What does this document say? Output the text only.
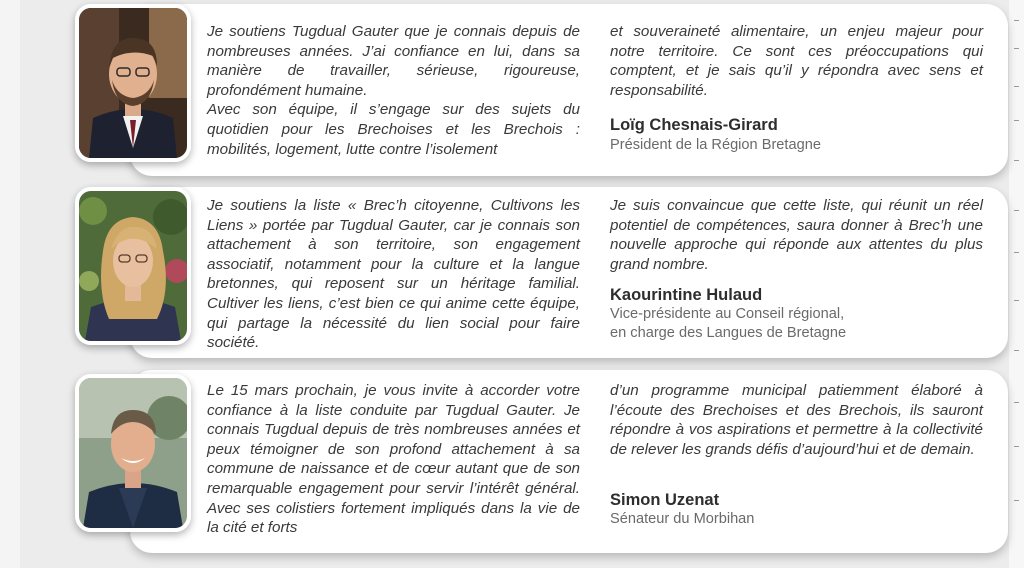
Je soutiens Tugdual Gauter que je connais depuis de nombreuses années. J’ai confiance en lui, dans sa manière de travailler, sérieuse, rigoureuse, profondément humaine.

Avec son équipe, il s’engage sur des sujets du quotidien pour les Brechoises et les Brechois : mobilités, logement, lutte contre l’isolement

et souveraineté alimentaire, un enjeu majeur pour notre territoire. Ce sont ces préoccupations qui comptent, et je sais qu’il y répondra avec sens et responsabilité.

Loïg Chesnais-Girard
Président de la Région Bretagne

Je soutiens la liste « Brec’h citoyenne, Cultivons les Liens » portée par Tugdual Gauter, car je connais son attachement à son territoire, son engagement associatif, notamment pour la culture et la langue bretonnes, qui reposent sur un héritage familial. Cultiver les liens, c’est bien ce qui anime cette équipe, qui partage la nécessité du lien social pour faire société.

Je suis convaincue que cette liste, qui réunit un réel potentiel de compétences, saura donner à Brec’h une nouvelle approche qui réponde aux attentes du plus grand nombre.

Kaourintine Hulaud
Vice-présidente au Conseil régional,
en charge des Langues de Bretagne

Le 15 mars prochain, je vous invite à accorder votre confiance à la liste conduite par Tugdual Gauter. Je connais Tugdual depuis de très nombreuses années et peux témoigner de son profond attachement à sa commune de naissance et de cœur autant que de son remarquable engagement pour servir l’intérêt général. Avec ses colistiers fortement impliqués dans la vie de la cité et forts

d’un programme municipal patiemment élaboré à l’écoute des Brechoises et des Brechois, ils sauront répondre à vos aspirations et permettre à la collectivité de relever les grands défis d’aujourd’hui et de demain.

Simon Uzenat
Sénateur du Morbihan
